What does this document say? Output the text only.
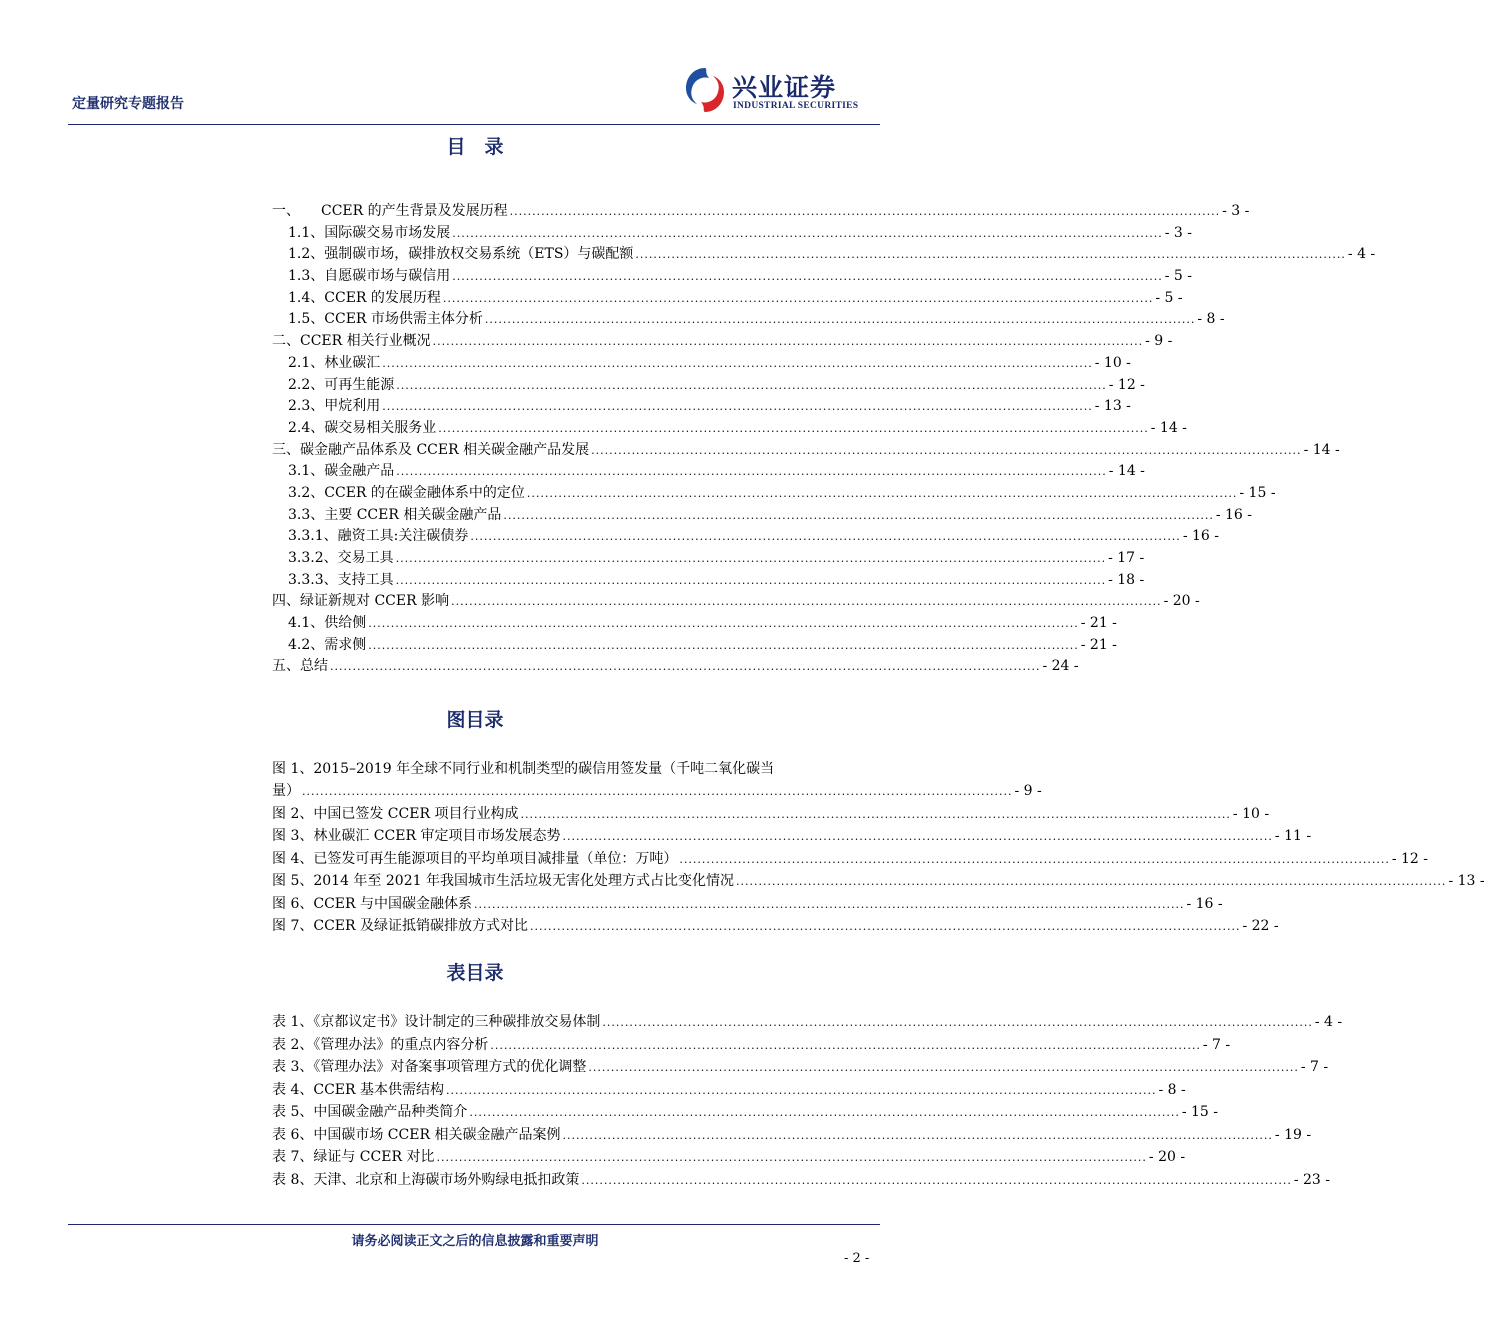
定量研究专题报告
兴业证券
INDUSTRIAL SECURITIES
目　录
一、　　CCER 的产生背景及发展历程 .............................................................................................................................................................. - 3 -
1.1、国际碳交易市场发展 .............................................................................................................................................................. - 3 -
1.2、强制碳市场，碳排放权交易系统（ETS）与碳配额 .............................................................................................................................................................. - 4 -
1.3、自愿碳市场与碳信用 .............................................................................................................................................................. - 5 -
1.4、CCER 的发展历程 .............................................................................................................................................................. - 5 -
1.5、CCER 市场供需主体分析 .............................................................................................................................................................. - 8 -
二、CCER 相关行业概况 .............................................................................................................................................................. - 9 -
2.1、林业碳汇 .............................................................................................................................................................. - 10 -
2.2、可再生能源 .............................................................................................................................................................. - 12 -
2.3、甲烷利用 .............................................................................................................................................................. - 13 -
2.4、碳交易相关服务业 .............................................................................................................................................................. - 14 -
三、碳金融产品体系及 CCER 相关碳金融产品发展 .............................................................................................................................................................. - 14 -
3.1、碳金融产品 .............................................................................................................................................................. - 14 -
3.2、CCER 的在碳金融体系中的定位 .............................................................................................................................................................. - 15 -
3.3、主要 CCER 相关碳金融产品 .............................................................................................................................................................. - 16 -
3.3.1、融资工具:关注碳债券 .............................................................................................................................................................. - 16 -
3.3.2、交易工具 .............................................................................................................................................................. - 17 -
3.3.3、支持工具 .............................................................................................................................................................. - 18 -
四、绿证新规对 CCER 影响 .............................................................................................................................................................. - 20 -
4.1、供给侧 .............................................................................................................................................................. - 21 -
4.2、需求侧 .............................................................................................................................................................. - 21 -
五、总结 .............................................................................................................................................................. - 24 -
图目录
图 1、2015–2019 年全球不同行业和机制类型的碳信用签发量（千吨二氧化碳当
量） .............................................................................................................................................................. - 9 -
图 2、中国已签发 CCER 项目行业构成 .............................................................................................................................................................. - 10 -
图 3、林业碳汇 CCER 审定项目市场发展态势 .............................................................................................................................................................. - 11 -
图 4、已签发可再生能源项目的平均单项目减排量（单位：万吨） .............................................................................................................................................................. - 12 -
图 5、2014 年至 2021 年我国城市生活垃圾无害化处理方式占比变化情况 .............................................................................................................................................................. - 13 -
图 6、CCER 与中国碳金融体系 .............................................................................................................................................................. - 16 -
图 7、CCER 及绿证抵销碳排放方式对比 .............................................................................................................................................................. - 22 -
表目录
表 1、《京都议定书》设计制定的三种碳排放交易体制 .............................................................................................................................................................. - 4 -
表 2、《管理办法》的重点内容分析 .............................................................................................................................................................. - 7 -
表 3、《管理办法》对备案事项管理方式的优化调整 .............................................................................................................................................................. - 7 -
表 4、CCER 基本供需结构 .............................................................................................................................................................. - 8 -
表 5、中国碳金融产品种类简介 .............................................................................................................................................................. - 15 -
表 6、中国碳市场 CCER 相关碳金融产品案例 .............................................................................................................................................................. - 19 -
表 7、绿证与 CCER 对比 .............................................................................................................................................................. - 20 -
表 8、天津、北京和上海碳市场外购绿电抵扣政策 .............................................................................................................................................................. - 23 -
请务必阅读正文之后的信息披露和重要声明
- 2 -
